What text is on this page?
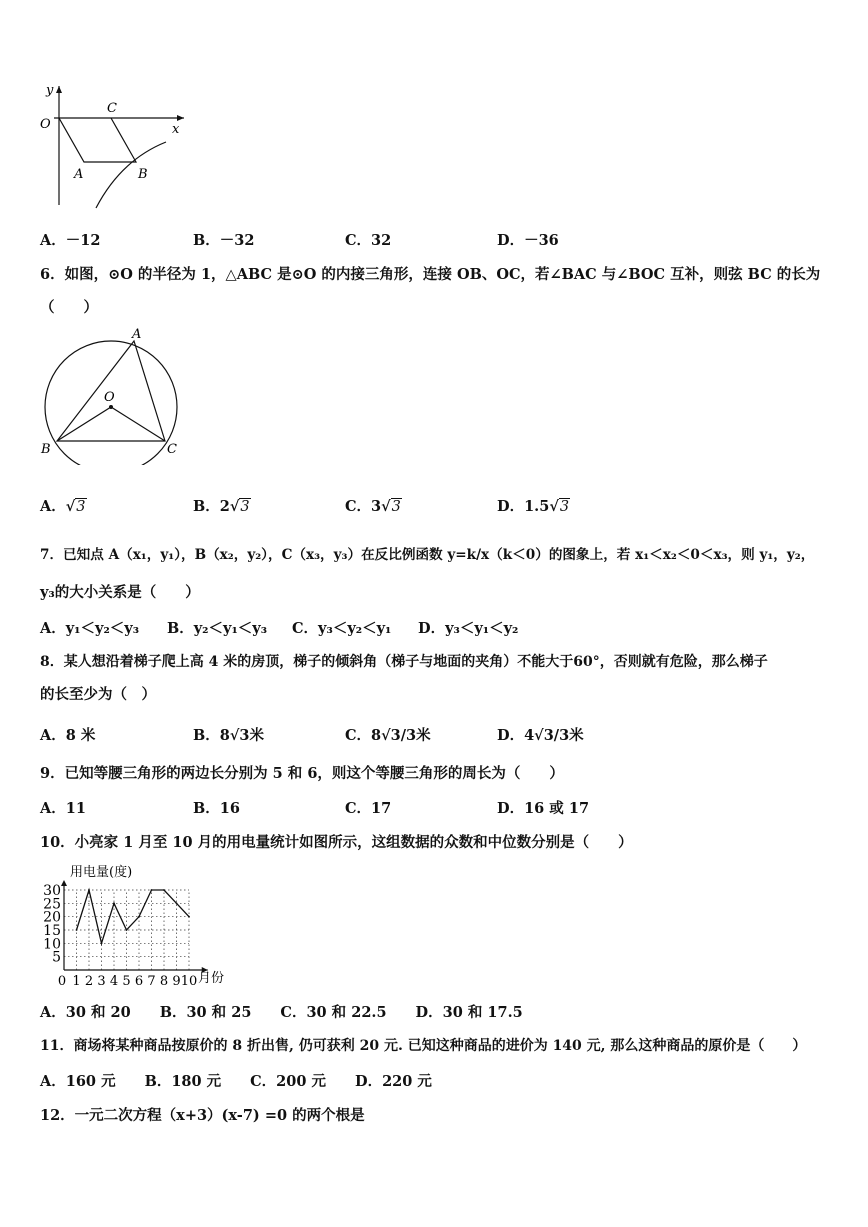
y
x
O
C
A	B
A．－12	B．－32	C．32	D．－36
6．如图，⊙O 的半径为 1，△ABC 是⊙O 的内接三角形，连接 OB、OC，若∠BAC 与∠BOC 互补，则弦 BC 的长为
（　　）
A
O
B	C
A．√3	B．2√3	C．3√3	D．1.5√3
7．已知点 A（x₁，y₁），B（x₂，y₂），C（x₃，y₃）在反比例函数 y=k/x（k＜0）的图象上，若 x₁＜x₂＜0＜x₃，则 y₁，y₂，
y₃的大小关系是（　　）
A．y₁＜y₂＜y₃ B．y₂＜y₁＜y₃ C．y₃＜y₂＜y₁ D．y₃＜y₁＜y₂
8．某人想沿着梯子爬上高 4 米的房顶，梯子的倾斜角（梯子与地面的夹角）不能大于60°，否则就有危险，那么梯子
的长至少为（　）
A．8 米	B．8√3米	C．8√3/3米	D．4√3/3米
9．已知等腰三角形的两边长分别为 5 和 6，则这个等腰三角形的周长为（　　）
A．11	B．16	C．17	D．16 或 17
10．小亮家 1 月至 10 月的用电量统计如图所示，这组数据的众数和中位数分别是（　　）
用电量(度)
月份
5
10
15
20
25
30
0 1 2 3 4 5 6 7 8 9 10
A．30 和 20　　B．30 和 25　　C．30 和 22.5　　D．30 和 17.5
11．商场将某种商品按原价的 8 折出售, 仍可获利 20 元. 已知这种商品的进价为 140 元, 那么这种商品的原价是（　　）
A．160 元　　B．180 元　　C．200 元　　D．220 元
12．一元二次方程（x+3）(x-7) =0 的两个根是
